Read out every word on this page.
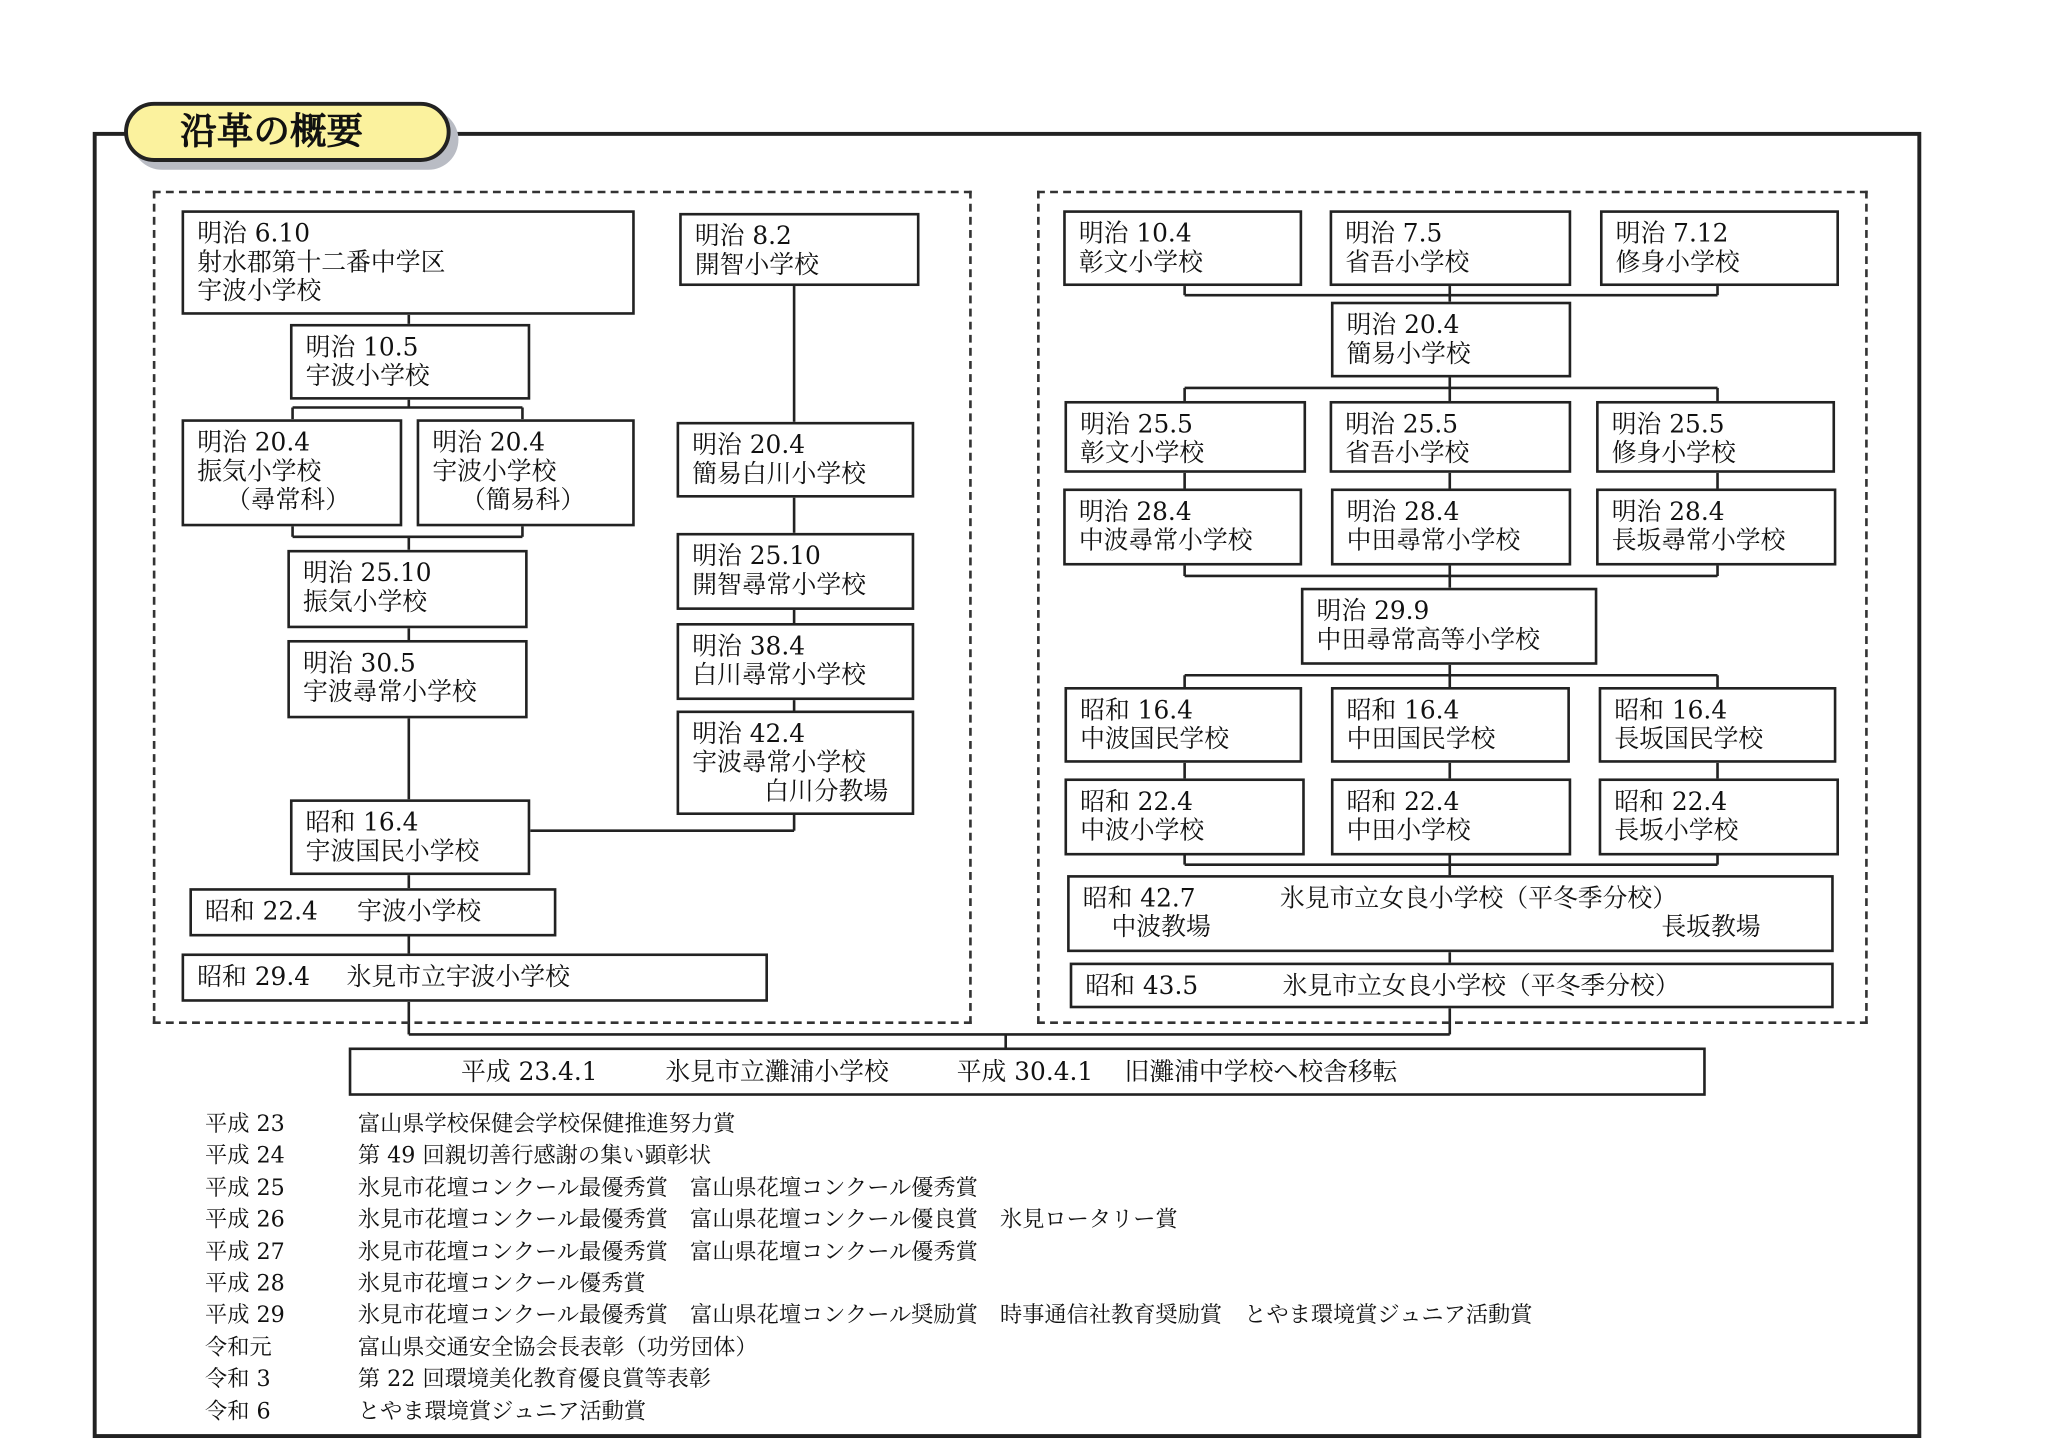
沿革の概要
明治 6.10
射水郡第十二番中学区
宇波小学校
明治 10.5
宇波小学校
明治 20.4
振気小学校
（尋常科）
明治 20.4
宇波小学校
（簡易科）
明治 25.10
振気小学校
明治 30.5
宇波尋常小学校
明治 8.2
開智小学校
明治 20.4
簡易白川小学校
明治 25.10
開智尋常小学校
明治 38.4
白川尋常小学校
明治 42.4
宇波尋常小学校
白川分教場
昭和 16.4
宇波国民小学校
昭和 22.4 宇波小学校
昭和 29.4 氷見市立宇波小学校
明治 10.4
彰文小学校
明治 7.5
省吾小学校
明治 7.12
修身小学校
明治 20.4
簡易小学校
明治 25.5
彰文小学校
明治 25.5
省吾小学校
明治 25.5
修身小学校
明治 28.4
中波尋常小学校
明治 28.4
中田尋常小学校
明治 28.4
長坂尋常小学校
明治 29.9
中田尋常高等小学校
昭和 16.4
中波国民学校
昭和 16.4
中田国民学校
昭和 16.4
長坂国民学校
昭和 22.4
中波小学校
昭和 22.4
中田小学校
昭和 22.4
長坂小学校
昭和 42.7	氷見市立女良小学校（平冬季分校）
中波教場	長坂教場
昭和 43.5	氷見市立女良小学校（平冬季分校）
平成 23.4.1	氷見市立灘浦小学校	平成 30.4.1 旧灘浦中学校へ校舎移転
平成 23	富山県学校保健会学校保健推進努力賞
平成 24	第 49 回親切善行感謝の集い顕彰状
平成 25	氷見市花壇コンクール最優秀賞　富山県花壇コンクール優秀賞
平成 26	氷見市花壇コンクール最優秀賞　富山県花壇コンクール優良賞　氷見ロータリー賞
平成 27	氷見市花壇コンクール最優秀賞　富山県花壇コンクール優秀賞
平成 28	氷見市花壇コンクール優秀賞
平成 29	氷見市花壇コンクール最優秀賞　富山県花壇コンクール奨励賞　時事通信社教育奨励賞　とやま環境賞ジュニア活動賞
令和元	富山県交通安全協会長表彰（功労団体）
令和 3	第 22 回環境美化教育優良賞等表彰
令和 6	とやま環境賞ジュニア活動賞
